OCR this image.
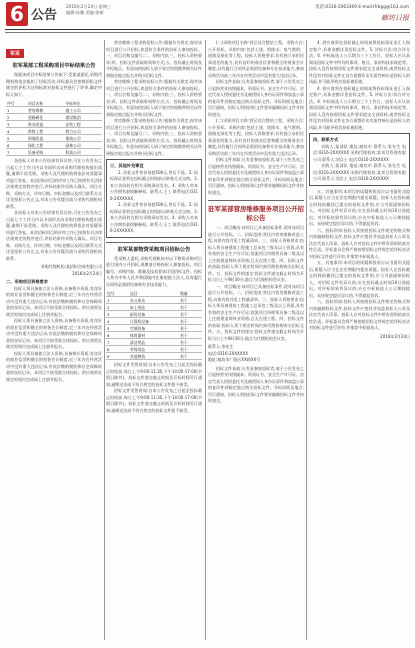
6 公告
2016年2月24日 星期三
编辑:孙鹏 美编:徐雁
电话:0316-2063369 E-mail:lfrbgg@163.com
廊坊日报
军采
驻军某部工程采购项目中标结果公告

现就该项目中标结果公告如下:受某部委托,采购代理机构依法组织了招标活动,评标委员会按照招标文件规定的评标方法和标准对投标文件进行了评审,确定中标人如下。

序号	项目名称	中标单位
1	营房维修	施工公司
2	道路硬化	建设集团
3	供水改造	安装工程
4	供热工程	热力公司
5	围墙改造	建筑公司
6	绿化工程	园林公司
7	设备采购	科技公司

各投标人对本公告结果有异议的,可在公告发布之日起七个工作日内以书面形式向采购代理机构提出质疑,逾期不再受理。采购人及代理机构将依法对质疑事项进行答复。本次招标项目的评审工作已按照有关法律法规规定的程序进行,评标结果经采购人确认。项目名称、采购方式、评审日期、中标金额以及项目联系方式详见招标公告正文,对本公告有疑问请与采购代理机构联系。

各投标人对本公告结果有异议的,可在公告发布之日起七个工作日内以书面形式向采购代理机构提出质疑,逾期不再受理。采购人及代理机构将依法对质疑事项进行答复。本次招标项目的评审工作已按照有关法律法规规定的程序进行,评标结果经采购人确认。项目名称、采购方式、评审日期、中标金额以及项目联系方式详见招标公告正文,对本公告有疑问请与采购代理机构联系。

采购代理机构:某招标咨询有限公司
2016年2月24日
二、采购项目资格要求

投标人须具备独立法人资格,具备相应资质,有良好的商业信誉和健全的财务会计制度,近三年内在经营活动中没有重大违法记录,有依法缴纳税收和社会保障资金的良好记录。本项目不接受联合体投标。供应商须在规定时间内完成网上注册并报名。

投标人须具备独立法人资格,具备相应资质,有良好的商业信誉和健全的财务会计制度,近三年内在经营活动中没有重大违法记录,有依法缴纳税收和社会保障资金的良好记录。本项目不接受联合体投标。供应商须在规定时间内完成网上注册并报名。

投标人须具备独立法人资格,具备相应资质,有良好的商业信誉和健全的财务会计制度,近三年内在经营活动中没有重大违法记录,有依法缴纳税收和社会保障资金的良好记录。本项目不接受联合体投标。供应商须在规定时间内完成网上注册并报名。

营房维修工程采购招标公告:根据有关规定,现对该项目进行公开招标,欢迎符合条件的投标人参加投标。一、项目名称及编号;二、采购内容;三、投标人资格要求;四、招标文件获取时间和方式;五、投标截止时间及开标地点。有意向的投标人请于规定时间携带相关证件到指定地点报名并购买招标文件。

营房维修工程采购招标公告:根据有关规定,现对该项目进行公开招标,欢迎符合条件的投标人参加投标。一、项目名称及编号;二、采购内容;三、投标人资格要求;四、招标文件获取时间和方式;五、投标截止时间及开标地点。有意向的投标人请于规定时间携带相关证件到指定地点报名并购买招标文件。

营房维修工程采购招标公告:根据有关规定,现对该项目进行公开招标,欢迎符合条件的投标人参加投标。一、项目名称及编号;二、采购内容;三、投标人资格要求;四、招标文件获取时间和方式;五、投标截止时间及开标地点。有意向的投标人请于规定时间携带相关证件到指定地点报名并购买招标文件。

三、其他补充事宜

1. 招标文件售价每套500元,售后不退。2. 投标保证金须在投标截止时间前以转账方式交纳。3. 本公告同时在相关采购网站发布。4. 采购人对本公告拥有最终解释权。联系人:王工 联系电话:0316-2XXXXXX。

1. 招标文件售价每套500元,售后不退。2. 投标保证金须在投标截止时间前以转账方式交纳。3. 本公告同时在相关采购网站发布。4. 采购人对本公告拥有最终解释权。联系人:王工 联系电话:0316-2XXXXXX。

驻军某部物资采购项目招标公告

受采购人委托,采购代理机构对以下物资采购项目进行国内公开招标,现邀请合格投标人参加投标。项目编号、采购内容、数量及技术要求详见招标文件。投标人须为中华人民共和国境内注册的独立法人,具有履行合同所必需的设备和专业技术能力。

包号	品目	数量
1	办公家具	若干
2	床上用品	若干
3	厨房设备	若干
4	计算机设备	若干
5	空调设备	若干
6	体育器材	若干
7	清洁用品	若干
8	劳保用品	若干
9	其他物资	若干

招标文件发售时间:自本公告发布之日起至投标截止时间前,每日上午9:00-11:30,下午14:00-17:00(节假日除外)。投标文件递交截止时间及开标时间另行通知,逾期送达或不符合规定的投标文件恕不接受。

招标文件发售时间:自本公告发布之日起至投标截止时间前,每日上午9:00-11:30,下午14:00-17:00(节假日除外)。投标文件递交截止时间及开标时间另行通知,逾期送达或不符合规定的投标文件恕不接受。

(二)采购项目名称:营区综合整治工程。采购方式:公开招标。采购内容:包括土建、给排水、电气照明、道路及绿化等工程。投标人资格要求:具有独立承担民事责任的能力,具有良好的商业信誉和健全的财务会计制度,具有履行合同所必需的设备和专业技术能力,参加采购活动前三年内在经营活动中没有重大违法记录。

招标文件获取:凡有意参加投标者,请于公告发布之日起持营业执照副本、资质证书、安全生产许可证、法定代表人授权委托书及被授权人身份证原件和加盖公章的复印件到指定地点购买招标文件。开标时间及地点:另行通知。投标人须按招标文件要求编制投标文件并按时递交。

(二)采购项目名称:营区综合整治工程。采购方式:公开招标。采购内容:包括土建、给排水、电气照明、道路及绿化等工程。投标人资格要求:具有独立承担民事责任的能力,具有良好的商业信誉和健全的财务会计制度,具有履行合同所必需的设备和专业技术能力,参加采购活动前三年内在经营活动中没有重大违法记录。

招标文件获取:凡有意参加投标者,请于公告发布之日起持营业执照副本、资质证书、安全生产许可证、法定代表人授权委托书及被授权人身份证原件和加盖公章的复印件到指定地点购买招标文件。开标时间及地点:另行通知。投标人须按招标文件要求编制投标文件并按时递交。

驻军某部营房维修服务项目公开招标公告

一、项目概况:该项目已具备招标条件,现对该项目进行公开招标。二、招标范围:营区内营房维修改造工程,具体内容详见工程量清单。三、投标人资格要求:投标人须具备建筑工程施工总承包三级及以上资质,具有有效的安全生产许可证;拟派项目经理须具备二级及以上注册建造师执业资格,且无在建工程。四、招标文件的获取:投标人须于规定时间内到代理机构购买招标文件。五、投标文件的递交:投标文件递交截止时间为开标当日上午9时30分,地点为代理机构会议室。

一、项目概况:该项目已具备招标条件,现对该项目进行公开招标。二、招标范围:营区内营房维修改造工程,具体内容详见工程量清单。三、投标人资格要求:投标人须具备建筑工程施工总承包三级及以上资质,具有有效的安全生产许可证;拟派项目经理须具备二级及以上注册建造师执业资格,且无在建工程。四、招标文件的获取:投标人须于规定时间内到代理机构购买招标文件。五、投标文件的递交:投标文件递交截止时间为开标当日上午9时30分,地点为代理机构会议室。

联系人:李先生
电话:0316-2XXXXXX
地址:廊坊市广阳区XX路XX号

招标文件获取:凡有意参加投标者,请于公告发布之日起持营业执照副本、资质证书、安全生产许可证、法定代表人授权委托书及被授权人身份证原件和加盖公章的复印件到指定地点购买招标文件。开标时间及地点:另行通知。投标人须按招标文件要求编制投标文件并按时递交。

4. 供应商须在投标截止时间前将投标保证金汇入指定账户,具体金额详见招标文件。5. 评标方法:综合评分法。6. 中标候选人公示期为三个工作日。投标人应认真阅读招标文件中所有的事项、格式、条款和技术规范等。投标人没有按照招标文件要求提交全部资料,或者投标文件没有对招标文件在各方面都作出实质性响应是投标人的风险,并可能导致其投标被拒绝。

4. 供应商须在投标截止时间前将投标保证金汇入指定账户,具体金额详见招标文件。5. 评标方法:综合评分法。6. 中标候选人公示期为三个工作日。投标人应认真阅读招标文件中所有的事项、格式、条款和技术规范等。投标人没有按照招标文件要求提交全部资料,或者投标文件没有对招标文件在各方面都作出实质性响应是投标人的风险,并可能导致其投标被拒绝。

四、联系方式

采购人:某部队 地址:廊坊市 联系人:张先生 电话:0316-2XXXXXX 采购代理机构:某项目管理有限公司 联系人:刘女士 电话:0316-2XXXXXX

采购人:某部队 地址:廊坊市 联系人:张先生 电话:0316-2XXXXXX 采购代理机构:某项目管理有限公司 联系人:刘女士 电话:0316-2XXXXXX

五、其他事项:本项目的质疑和投诉应以书面形式提出,质疑人应当在法定期限内提出质疑。投标人在投标截止时间前撤回已提交的投标文件的,应当书面通知招标人。对招标文件有异议的,应在投标截止时间10日前提出。对评标结果有异议的,应在中标候选人公示期间提出。未按规定提出异议的,不得提起投诉。

六、投标须知:投标人须按照招标文件规定的格式和内容编制投标文件,投标文件应密封并加盖投标人公章及法定代表人印章。投标人应对投标文件中所有资料的真实性负责。评标委员会将严格按照招标文件规定的评标办法对投标文件进行评审,并推荐中标候选人。

五、其他事项:本项目的质疑和投诉应以书面形式提出,质疑人应当在法定期限内提出质疑。投标人在投标截止时间前撤回已提交的投标文件的,应当书面通知招标人。对招标文件有异议的,应在投标截止时间10日前提出。对评标结果有异议的,应在中标候选人公示期间提出。未按规定提出异议的,不得提起投诉。

六、投标须知:投标人须按照招标文件规定的格式和内容编制投标文件,投标文件应密封并加盖投标人公章及法定代表人印章。投标人应对投标文件中所有资料的真实性负责。评标委员会将严格按照招标文件规定的评标办法对投标文件进行评审,并推荐中标候选人。

2016年2月24日
